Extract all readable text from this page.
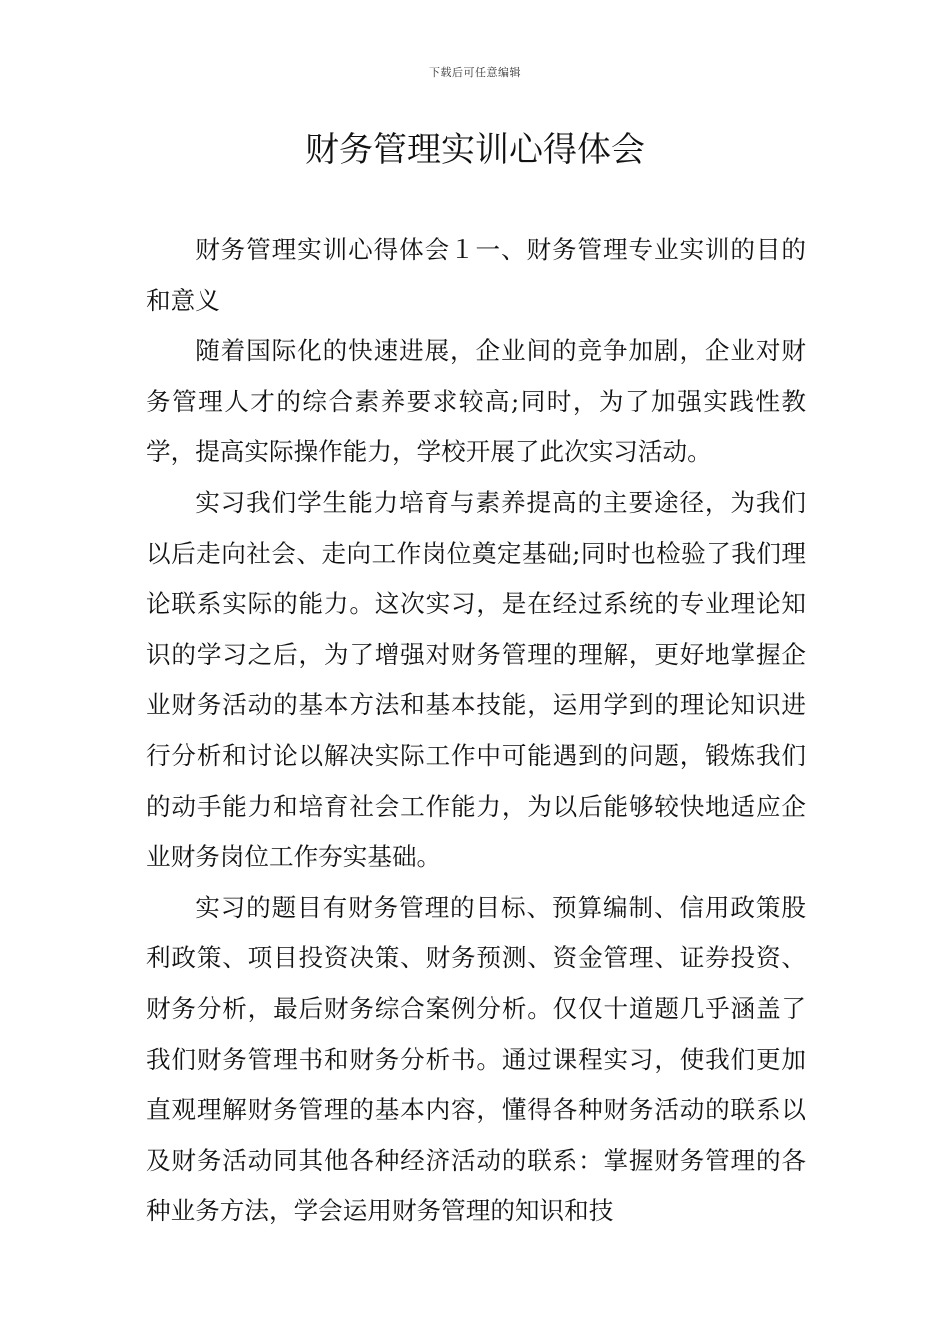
下载后可任意编辑
财务管理实训心得体会

财务管理实训心得体会１一、财务管理专业实训的目的和意义

随着国际化的快速进展，企业间的竞争加剧，企业对财务管理人才的综合素养要求较高;同时，为了加强实践性教学，提高实际操作能力，学校开展了此次实习活动。

实习我们学生能力培育与素养提高的主要途径，为我们以后走向社会、走向工作岗位奠定基础;同时也检验了我们理论联系实际的能力。这次实习，是在经过系统的专业理论知识的学习之后，为了增强对财务管理的理解，更好地掌握企业财务活动的基本方法和基本技能，运用学到的理论知识进行分析和讨论以解决实际工作中可能遇到的问题，锻炼我们的动手能力和培育社会工作能力，为以后能够较快地适应企业财务岗位工作夯实基础。

实习的题目有财务管理的目标、预算编制、信用政策股利政策、项目投资决策、财务预测、资金管理、证券投资、财务分析，最后财务综合案例分析。仅仅十道题几乎涵盖了我们财务管理书和财务分析书。通过课程实习，使我们更加直观理解财务管理的基本内容，懂得各种财务活动的联系以及财务活动同其他各种经济活动的联系：掌握财务管理的各种业务方法，学会运用财务管理的知识和技
